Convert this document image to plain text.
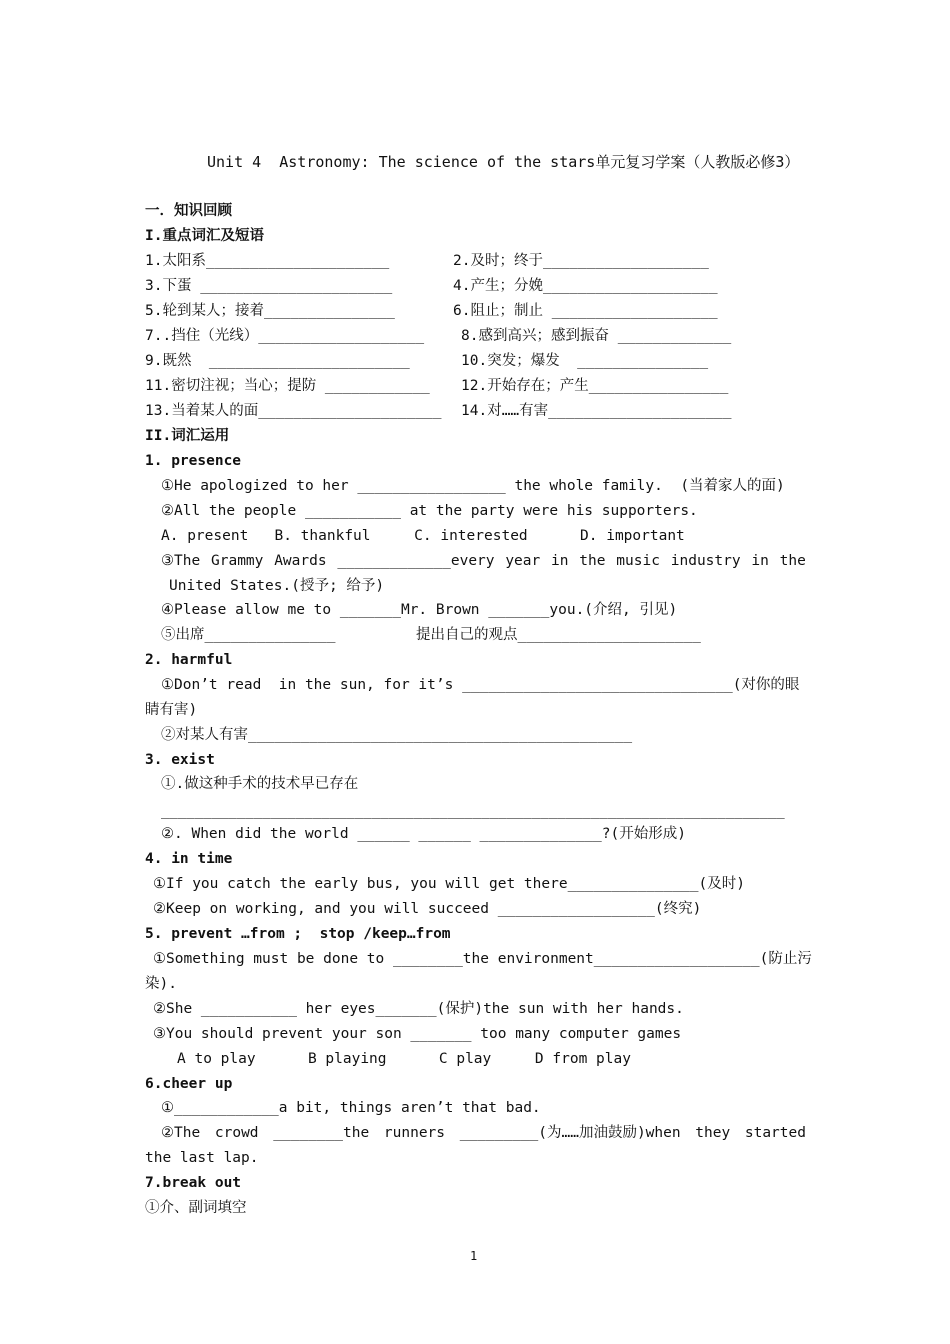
Unit 4  Astronomy: The science of the stars单元复习学案（人教版必修3）
一．知识回顾
I.重点词汇及短语
1.太阳系_____________________	2.及时；终于___________________
3.下蛋 ______________________	4.产生；分娩____________________
5.轮到某人；接着_______________	6.阻止；制止 ___________________
7..挡住（光线）___________________	8.感到高兴；感到振奋 _____________
9.既然  _______________________	10.突发；爆发  _______________
11.密切注视；当心；提防 ____________ 12.开始存在；产生________________
13.当着某人的面_____________________ 14.对……有害_____________________
II.词汇运用
1. presence
①He apologized to her _________________ the whole family.  (当着家人的面)
②All the people ___________ at the party were his supporters.
A. present   B. thankful     C. interested      D. important
③The Grammy Awards _____________every year in the music industry in the
United States.(授予; 给予)
④Please allow me to _______Mr. Brown _______you.(介绍, 引见)
⑤出席_______________	提出自己的观点_____________________
2. harmful
①Don’t read  in the sun, for it’s _______________________________(对你的眼
睛有害)
②对某人有害____________________________________________
3. exist
①.做这种手术的技术早已存在
__________________________________________________________________________
②. When did the world ______ ______ ______________?(开始形成)
4. in time
①If you catch the early bus, you will get there_______________(及时)
②Keep on working, and you will succeed __________________(终究)
5. prevent …from ;  stop /keep…from
①Something must be done to ________the environment___________________(防止污
染).
②She ___________ her eyes_______(保护)the sun with her hands.
③You should prevent your son _______ too many computer games
A to play      B playing      C play     D from play
6.cheer up
①____________a bit, things aren’t that bad.
②The crowd ________the runners _________(为……加油鼓励)when they started
the last lap.
7.break out
①介、副词填空
1
